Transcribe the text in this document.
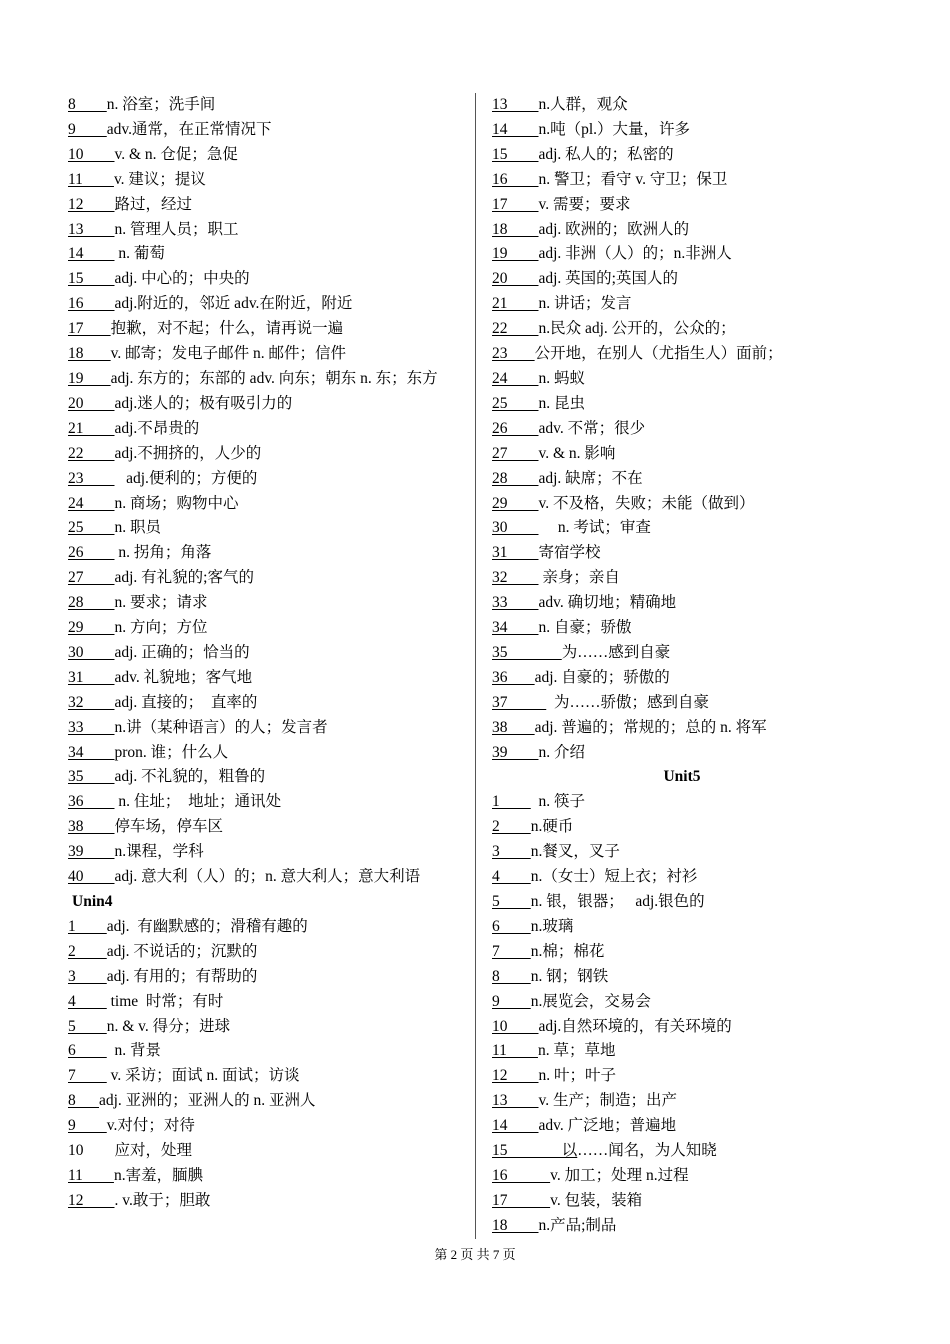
8        n. 浴室；洗手间
9        adv.通常，在正常情况下
10        v. & n. 仓促；急促
11        v. 建议；提议
12        路过，经过
13        n. 管理人员；职工
14         n. 葡萄
15        adj. 中心的；中央的
16        adj.附近的，邻近 adv.在附近，附近
17       抱歉，对不起；什么，请再说一遍
18       v. 邮寄；发电子邮件 n. 邮件；信件
19       adj. 东方的；东部的 adv. 向东；朝东 n. 东；东方
20        adj.迷人的；极有吸引力的
21        adj.不昂贵的
22        adj.不拥挤的，人少的
23           adj.便利的；方便的
24        n. 商场；购物中心
25        n. 职员
26         n. 拐角；角落
27        adj. 有礼貌的;客气的
28        n. 要求；请求
29        n. 方向；方位
30        adj. 正确的；恰当的
31        adv. 礼貌地；客气地
32        adj. 直接的；  直率的
33        n.讲（某种语言）的人；发言者
34        pron. 谁；什么人
35        adj. 不礼貌的，粗鲁的
36         n. 住址；  地址；通讯处
38        停车场，停车区
39        n.课程，学科
40        adj. 意大利（人）的；n. 意大利人；意大利语
Unin4
1        adj.  有幽默感的；滑稽有趣的
2        adj. 不说话的；沉默的
3        adj. 有用的；有帮助的
4         time  时常；有时
5        n. & v. 得分；进球
6          n. 背景
7         v. 采访；面试 n. 面试；访谈
8      adj. 亚洲的；亚洲人的 n. 亚洲人
9        v.对付；对待
10        应对，处理
11        n.害羞，腼腆
12        . v.敢于；胆敢
13        n.人群，观众
14        n.吨（pl.）大量，许多
15        adj. 私人的；私密的
16        n. 警卫；看守 v. 守卫；保卫
17        v. 需要；要求
18        adj. 欧洲的；欧洲人的
19        adj. 非洲（人）的；n.非洲人
20        adj. 英国的;英国人的
21        n. 讲话；发言
22        n.民众 adj. 公开的，公众的；
23       公开地，在别人（尤指生人）面前；
24        n. 蚂蚁
25        n. 昆虫
26        adv. 不常；很少
27        v. & n. 影响
28        adj. 缺席；不在
29        v. 不及格，失败；未能（做到）
30             n. 考试；审查
31        寄宿学校
32         亲身；亲自
33        adv. 确切地；精确地
34        n. 自豪；骄傲
35              为……感到自豪
36       adj. 自豪的；骄傲的
37            为……骄傲；感到自豪
38       adj. 普遍的；常规的；总的 n. 将军
39        n. 介绍
Unit5
1          n. 筷子
2        n.硬币
3        n.餐叉，叉子
4        n.（女士）短上衣；衬衫
5        n. 银，银器；   adj.银色的
6        n.玻璃
7        n.棉；棉花
8        n. 钢；钢铁
9        n.展览会，交易会
10        adj.自然环境的，有关环境的
11        n. 草；草地
12        n. 叶；叶子
13        v. 生产；制造；出产
14        adv. 广泛地；普遍地
15              以……闻名，为人知晓
16           v. 加工；处理 n.过程
17           v. 包装，装箱
18        n.产品;制品
第 2 页 共 7 页
